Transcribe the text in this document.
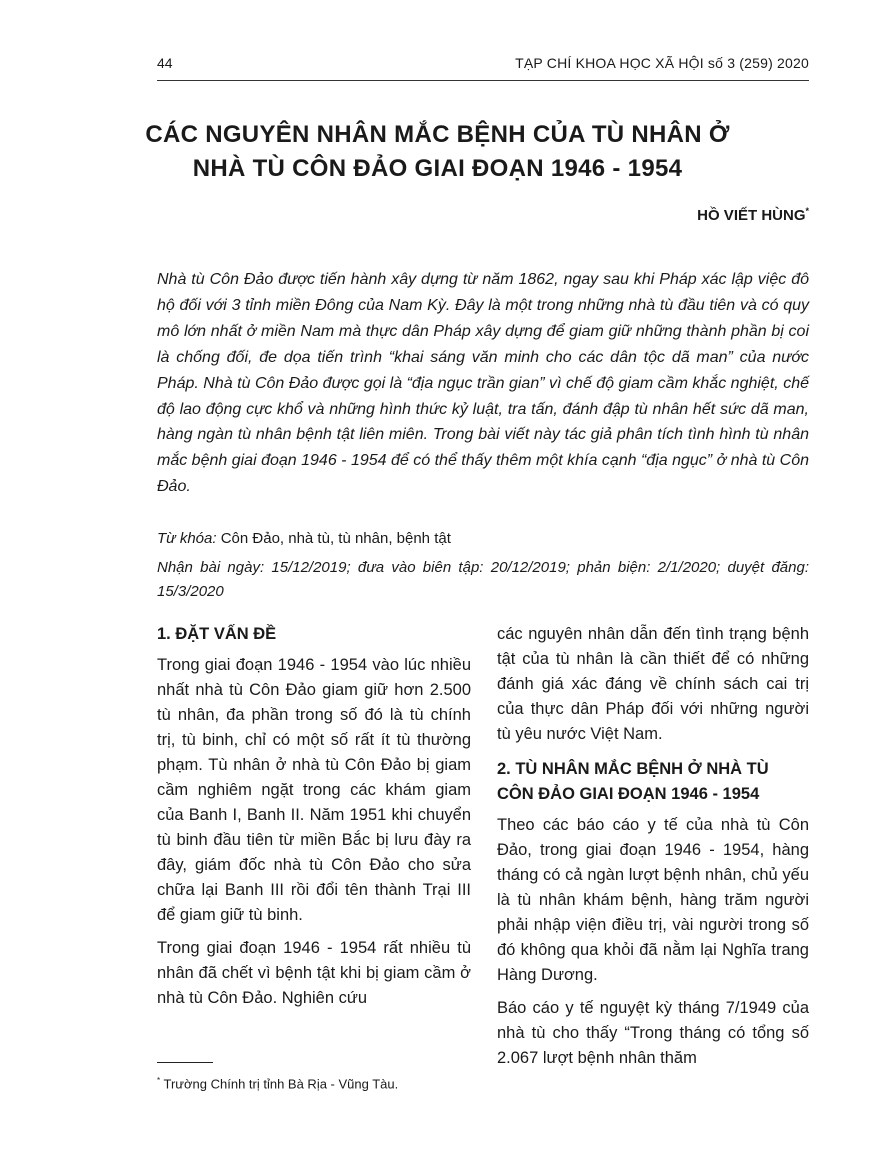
44	TẠP CHÍ KHOA HỌC XÃ HỘI số 3 (259) 2020
CÁC NGUYÊN NHÂN MẮC BỆNH CỦA TÙ NHÂN Ở
NHÀ TÙ CÔN ĐẢO GIAI ĐOẠN 1946 - 1954
HỒ VIẾT HÙNG*

Nhà tù Côn Đảo được tiến hành xây dựng từ năm 1862, ngay sau khi Pháp xác lập việc đô hộ đối với 3 tỉnh miền Đông của Nam Kỳ. Đây là một trong những nhà tù đầu tiên và có quy mô lớn nhất ở miền Nam mà thực dân Pháp xây dựng để giam giữ những thành phần bị coi là chống đối, đe dọa tiến trình “khai sáng văn minh cho các dân tộc dã man” của nước Pháp. Nhà tù Côn Đảo được gọi là “địa ngục trần gian” vì chế độ giam cầm khắc nghiệt, chế độ lao động cực khổ và những hình thức kỷ luật, tra tấn, đánh đập tù nhân hết sức dã man, hàng ngàn tù nhân bệnh tật liên miên. Trong bài viết này tác giả phân tích tình hình tù nhân mắc bệnh giai đoạn 1946 - 1954 để có thể thấy thêm một khía cạnh “địa ngục” ở nhà tù Côn Đảo.

Từ khóa: Côn Đảo, nhà tù, tù nhân, bệnh tật

Nhận bài ngày: 15/12/2019; đưa vào biên tập: 20/12/2019; phản biện: 2/1/2020; duyệt đăng: 15/3/2020

1. ĐẶT VẤN ĐỀ

Trong giai đoạn 1946 - 1954 vào lúc nhiều nhất nhà tù Côn Đảo giam giữ hơn 2.500 tù nhân, đa phần trong số đó là tù chính trị, tù binh, chỉ có một số rất ít tù thường phạm. Tù nhân ở nhà tù Côn Đảo bị giam cầm nghiêm ngặt trong các khám giam của Banh I, Banh II. Năm 1951 khi chuyển tù binh đầu tiên từ miền Bắc bị lưu đày ra đây, giám đốc nhà tù Côn Đảo cho sửa chữa lại Banh III rồi đổi tên thành Trại III để giam giữ tù binh.

Trong giai đoạn 1946 - 1954 rất nhiều tù nhân đã chết vì bệnh tật khi bị giam cầm ở nhà tù Côn Đảo. Nghiên cứu

các nguyên nhân dẫn đến tình trạng bệnh tật của tù nhân là cần thiết để có những đánh giá xác đáng về chính sách cai trị của thực dân Pháp đối với những người tù yêu nước Việt Nam.

2. TÙ NHÂN MẮC BỆNH Ở NHÀ TÙ CÔN ĐẢO GIAI ĐOẠN 1946 - 1954

Theo các báo cáo y tế của nhà tù Côn Đảo, trong giai đoạn 1946 - 1954, hàng tháng có cả ngàn lượt bệnh nhân, chủ yếu là tù nhân khám bệnh, hàng trăm người phải nhập viện điều trị, vài người trong số đó không qua khỏi đã nằm lại Nghĩa trang Hàng Dương.

Báo cáo y tế nguyệt kỳ tháng 7/1949 của nhà tù cho thấy “Trong tháng có tổng số 2.067 lượt bệnh nhân thăm

* Trường Chính trị tỉnh Bà Rịa - Vũng Tàu.
